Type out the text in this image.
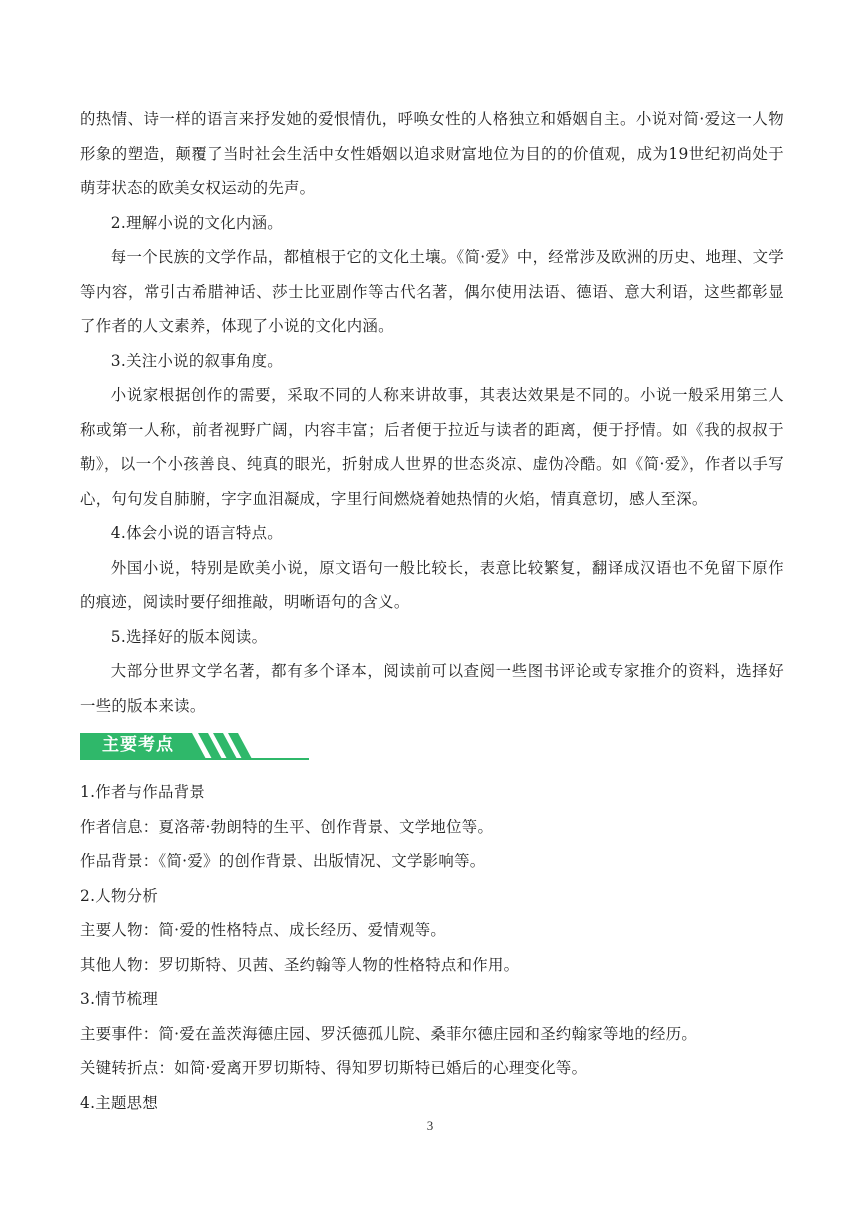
的热情、诗一样的语言来抒发她的爱恨情仇，呼唤女性的人格独立和婚姻自主。小说对简·爱这一人物形象的塑造，颠覆了当时社会生活中女性婚姻以追求财富地位为目的的价值观，成为19世纪初尚处于萌芽状态的欧美女权运动的先声。

2.理解小说的文化内涵。

每一个民族的文学作品，都植根于它的文化土壤。《简·爱》中，经常涉及欧洲的历史、地理、文学等内容，常引古希腊神话、莎士比亚剧作等古代名著，偶尔使用法语、德语、意大利语，这些都彰显了作者的人文素养，体现了小说的文化内涵。

3.关注小说的叙事角度。

小说家根据创作的需要，采取不同的人称来讲故事，其表达效果是不同的。小说一般采用第三人称或第一人称，前者视野广阔，内容丰富；后者便于拉近与读者的距离，便于抒情。如《我的叔叔于勒》，以一个小孩善良、纯真的眼光，折射成人世界的世态炎凉、虚伪冷酷。如《简·爱》，作者以手写心，句句发自肺腑，字字血泪凝成，字里行间燃烧着她热情的火焰，情真意切，感人至深。

4.体会小说的语言特点。

外国小说，特别是欧美小说，原文语句一般比较长，表意比较繁复，翻译成汉语也不免留下原作的痕迹，阅读时要仔细推敲，明晰语句的含义。

5.选择好的版本阅读。

大部分世界文学名著，都有多个译本，阅读前可以查阅一些图书评论或专家推介的资料，选择好一些的版本来读。

主要考点

1.作者与作品背景

作者信息：夏洛蒂·勃朗特的生平、创作背景、文学地位等。

作品背景：《简·爱》的创作背景、出版情况、文学影响等。

2.人物分析

主要人物：简·爱的性格特点、成长经历、爱情观等。

其他人物：罗切斯特、贝茜、圣约翰等人物的性格特点和作用。

3.情节梳理

主要事件：简·爱在盖茨海德庄园、罗沃德孤儿院、桑菲尔德庄园和圣约翰家等地的经历。

关键转折点：如简·爱离开罗切斯特、得知罗切斯特已婚后的心理变化等。

4.主题思想

3
